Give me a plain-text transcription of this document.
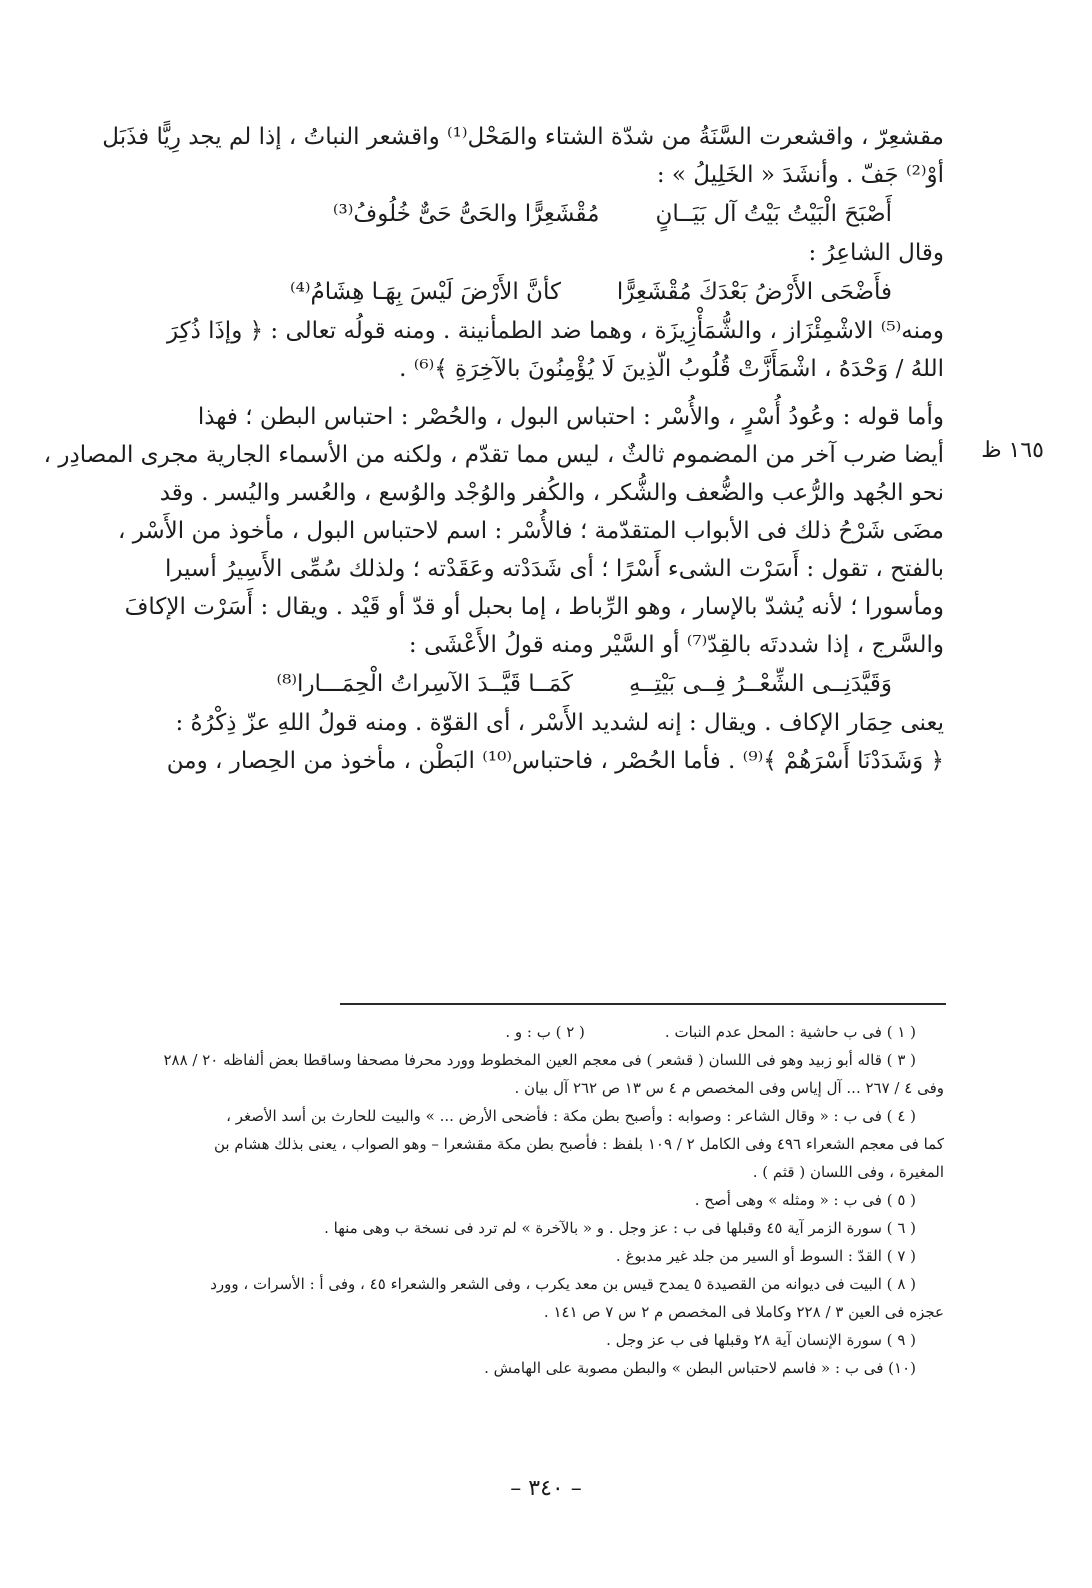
مقشعِرّ ، واقشعرت السَّنَةُ من شدّة الشتاء والمَحْل⁽¹⁾ واقشعر النباتُ ، إذا لم يجد رِيًّا فذَبَل
أوْ⁽²⁾ جَفّ . وأنشَدَ « الخَلِيلُ » :
أَصْبَحَ الْبَيْتُ بَيْتُ آل بَيَــانٍ
مُقْشَعِرًّا والحَىُّ حَىٌّ خُلُوفُ⁽³⁾
وقال الشاعِرُ :
فأَضْحَى الأَرْضُ بَعْدَكَ مُقْشَعِرًّا
كأنَّ الأَرْضَ لَيْسَ بِهَـا هِشَامُ⁽⁴⁾
ومنه⁽⁵⁾ الاشْمِئْزَاز ، والشُّمَأْزِيزَة ، وهما ضد الطمأنينة . ومنه قولُه تعالى : ﴿ وإذَا ذُكِرَ
اللهُ / وَحْدَهُ ، اشْمَأَزَّتْ قُلُوبُ الّذِينَ لَا يُؤْمِنُونَ بالآخِرَةِ ﴾⁽⁶⁾ .
وأما قوله : وعُودُ أُسْرٍ ، والأُسْر : احتباس البول ، والحُصْر : احتباس البطن ؛ فهذا
أيضا ضرب آخر من المضموم ثالثٌ ، ليس مما تقدّم ، ولكنه من الأسماء الجارية مجرى المصادِر ،
نحو الجُهد والرُّعب والضُّعف والشُّكر ، والكُفر والوُجْد والوُسع ، والعُسر واليُسر . وقد
مضَى شَرْحُ ذلك فى الأبواب المتقدّمة ؛ فالأُسْر : اسم لاحتباس البول ، مأخوذ من الأَسْر ،
بالفتح ، تقول : أَسَرْت الشىء أَسْرًا ؛ أى شَدَدْته وعَقَدْته ؛ ولذلك سُمِّى الأَسِيرُ أسيرا
ومأسورا ؛ لأنه يُشدّ بالإسار ، وهو الرِّباط ، إما بحبل أو قدّ أو قَيْد . ويقال : أَسَرْت الإكافَ
والسَّرج ، إذا شددتَه بالقِدّ⁽⁷⁾ أو السَّيْر ومنه قولُ الأَعْشَى :
وَقَيَّدَنِــى الشِّعْــرُ فِــى بَيْتِــهِ
كَمَــا قَيَّــدَ الآسِراتُ الْحِمَـــارا⁽⁸⁾
يعنى حِمَار الإكاف . ويقال : إنه لشديد الأَسْر ، أى القوّة . ومنه قولُ اللهِ عزّ ذِكْرُهُ :
﴿ وَشَدَدْنَا أَسْرَهُمْ ﴾⁽⁹⁾ . فأما الحُصْر ، فاحتباس⁽¹⁰⁾ البَطْن ، مأخوذ من الحِصار ، ومن
١٦٥ ظ
( ١ ) فى ب حاشية : المحل عدم النبات .
( ٢ ) ب : و .
( ٣ ) قاله أبو زبيد وهو فى اللسان ( قشعر ) فى معجم العين المخطوط وورد محرفا مصحفا وساقطا بعض ألفاظه ٢٠ / ٢٨٨
وفى ٤ / ٢٦٧ ... آل إياس وفى المخصص م ٤ س ١٣ ص ٢٦٢ آل بيان .
( ٤ ) فى ب : « وقال الشاعر : وصوابه : وأصبح بطن مكة : فأضحى الأرض ... » والبيت للحارث بن أسد الأصغر ،
كما فى معجم الشعراء ٤٩٦ وفى الكامل ٢ / ١٠٩ بلفظ : فأصبح بطن مكة مقشعرا – وهو الصواب ، يعنى بذلك هشام بن
المغيرة ، وفى اللسان ( قثم ) .
( ٥ ) فى ب : « ومثله » وهى أصح .
( ٦ ) سورة الزمر آية ٤٥ وقبلها فى ب : عز وجل . و « بالآخرة » لم ترد فى نسخة ب وهى منها .
( ٧ ) القدّ : السوط أو السير من جلد غير مدبوغ .
( ٨ ) البيت فى ديوانه من القصيدة ٥ يمدح قيس بن معد يكرب ، وفى الشعر والشعراء ٤٥ ، وفى أ : الأسرات ، وورد
عجزه فى العين ٣ / ٢٢٨ وكاملا فى المخصص م ٢ س ٧ ص ١٤١ .
( ٩ ) سورة الإنسان آية ٢٨ وقبلها فى ب عز وجل .
(١٠) فى ب : « فاسم لاحتباس البطن » والبطن مصوبة على الهامش .
– ٣٤٠ –
